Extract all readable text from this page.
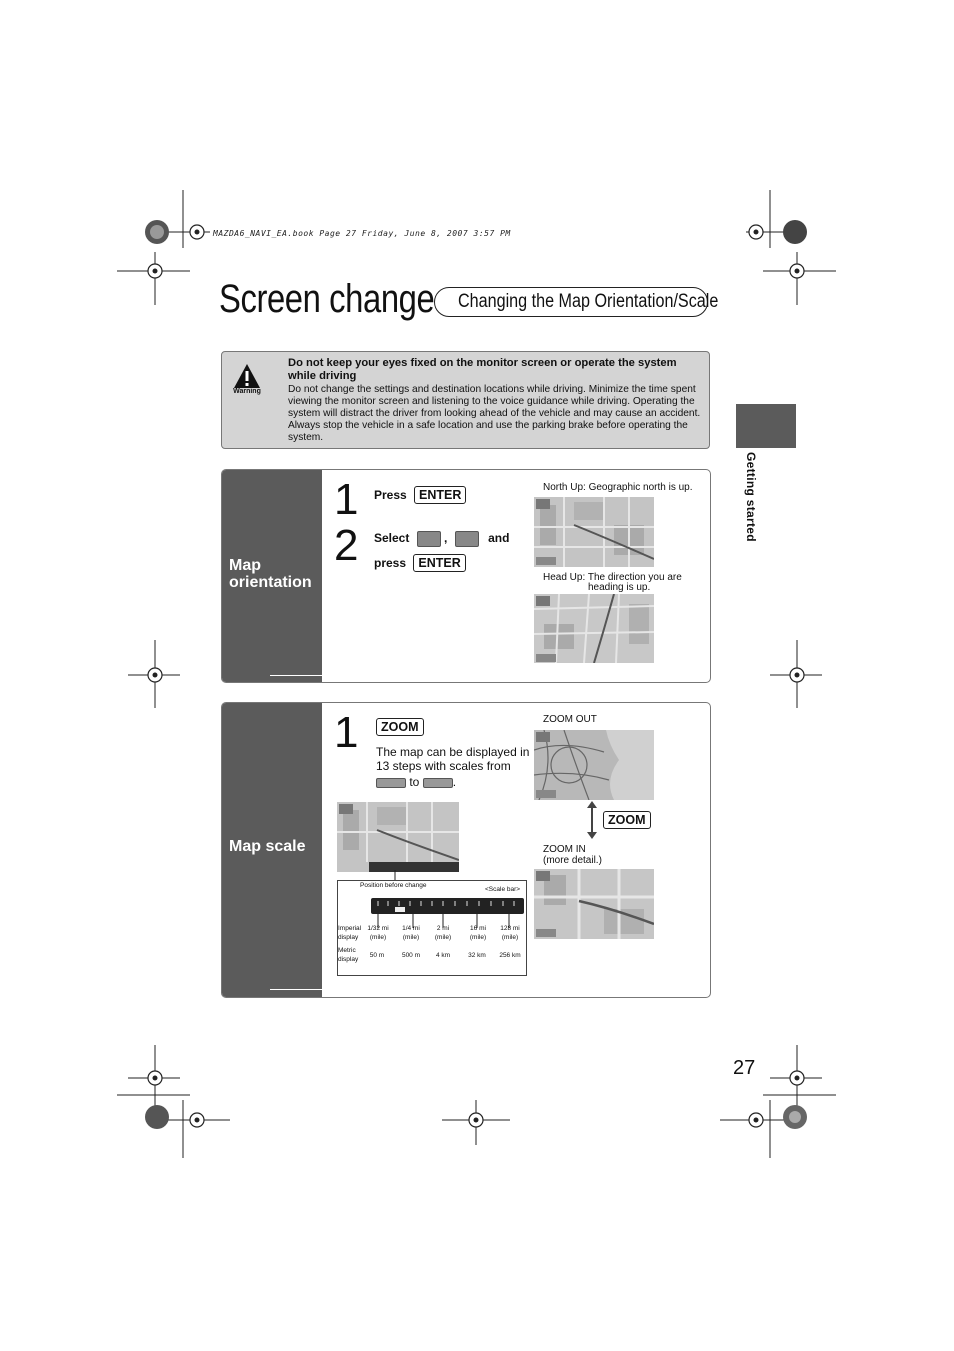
MAZDA6_NAVI_EA.book Page 27 Friday, June 8, 2007 3:57 PM
Screen change	Changing the Map Orientation/Scale
Warning
Do not keep your eyes fixed on the monitor screen or operate the system while driving
Do not change the settings and destination locations while driving. Minimize the time spent viewing the monitor screen and listening to the voice guidance while driving. Operating the system will distract the driver from looking ahead of the vehicle and may cause an accident. Always stop the vehicle in a safe location and use the parking brake before operating the system.
Getting started
Map orientation
1 Press ENTER
2 Select	,	and
press ENTER
North Up: Geographic north is up.
Head Up: The direction you are
heading is up.
Map scale
1	ZOOM
The map can be displayed in
13 steps with scales from
to	.
Position before change
<Scale bar>
Imperial
display
Metric
display
1/32 mi 1/4 mi	2 mi	16 mi	128 mi
(mile)	(mile)	(mile)	(mile)	(mile)
50 m	500 m	4 km	32 km	256 km
ZOOM OUT
ZOOM
ZOOM IN
(more detail.)
27
